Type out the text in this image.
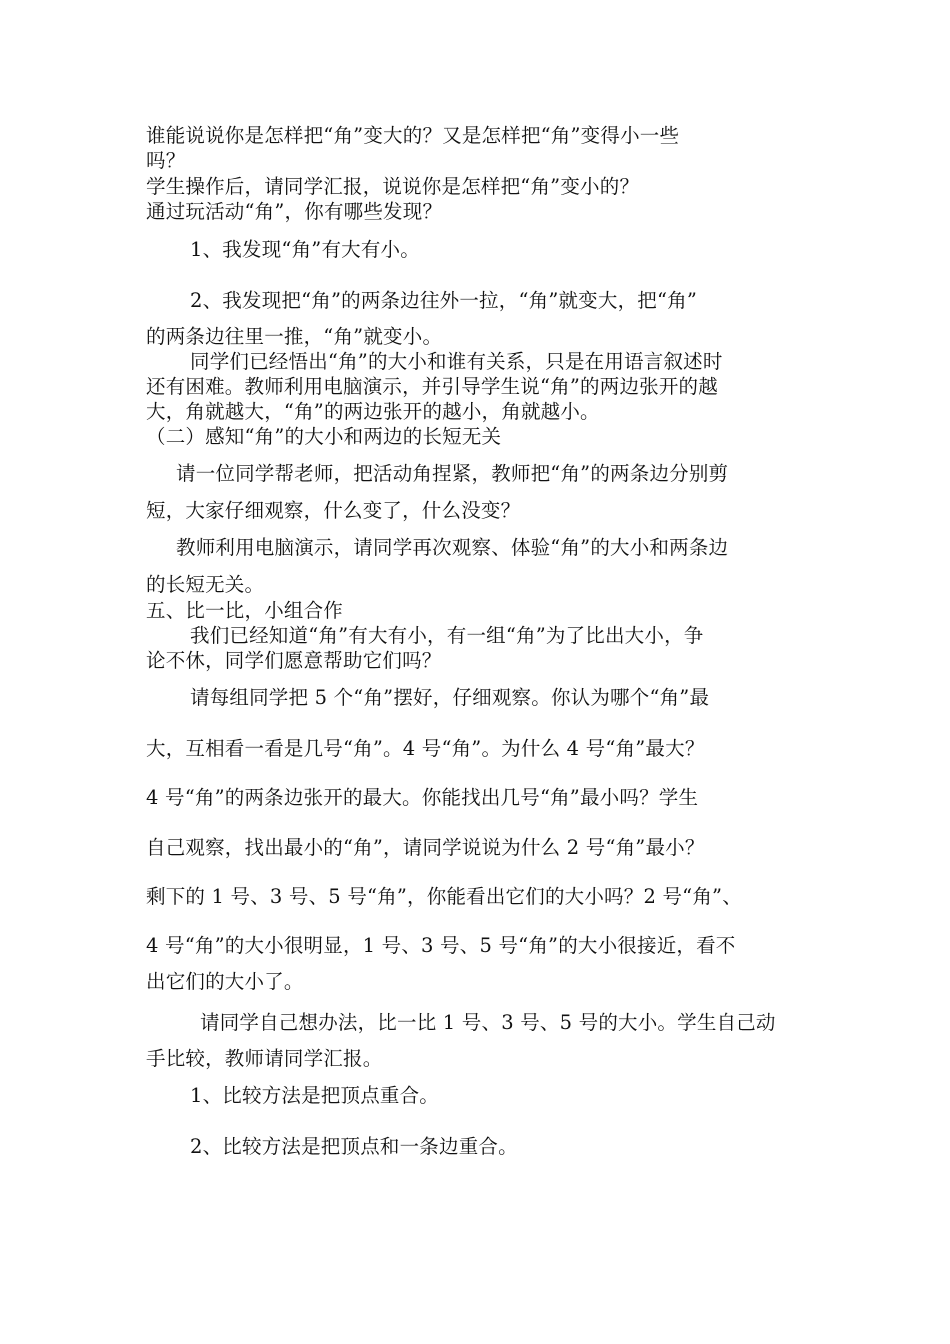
谁能说说你是怎样把“角”变大的？又是怎样把“角”变得小一些
吗？
学生操作后，请同学汇报，说说你是怎样把“角”变小的？
通过玩活动“角”，你有哪些发现？
1、我发现“角”有大有小。
2、我发现把“角”的两条边往外一拉，“角”就变大，把“角”
的两条边往里一推，“角”就变小。
同学们已经悟出“角”的大小和谁有关系，只是在用语言叙述时
还有困难。教师利用电脑演示，并引导学生说“角”的两边张开的越
大，角就越大，“角”的两边张开的越小，角就越小。
（二）感知“角”的大小和两边的长短无关
请一位同学帮老师，把活动角捏紧，教师把“角”的两条边分别剪
短，大家仔细观察，什么变了，什么没变？
教师利用电脑演示，请同学再次观察、体验“角”的大小和两条边
的长短无关。
五、比一比，小组合作
我们已经知道“角”有大有小，有一组“角”为了比出大小，争
论不休，同学们愿意帮助它们吗？
请每组同学把 5 个“角”摆好，仔细观察。你认为哪个“角”最
大，互相看一看是几号“角”。4 号“角”。为什么 4 号“角”最大？
4 号“角”的两条边张开的最大。你能找出几号“角”最小吗？学生
自己观察，找出最小的“角”，请同学说说为什么 2 号“角”最小？
剩下的 1 号、3 号、5 号“角”，你能看出它们的大小吗？2 号“角”、
4 号“角”的大小很明显，1 号、3 号、5 号“角”的大小很接近，看不
出它们的大小了。
请同学自己想办法，比一比 1 号、3 号、5 号的大小。学生自己动
手比较，教师请同学汇报。
1、比较方法是把顶点重合。
2、比较方法是把顶点和一条边重合。
